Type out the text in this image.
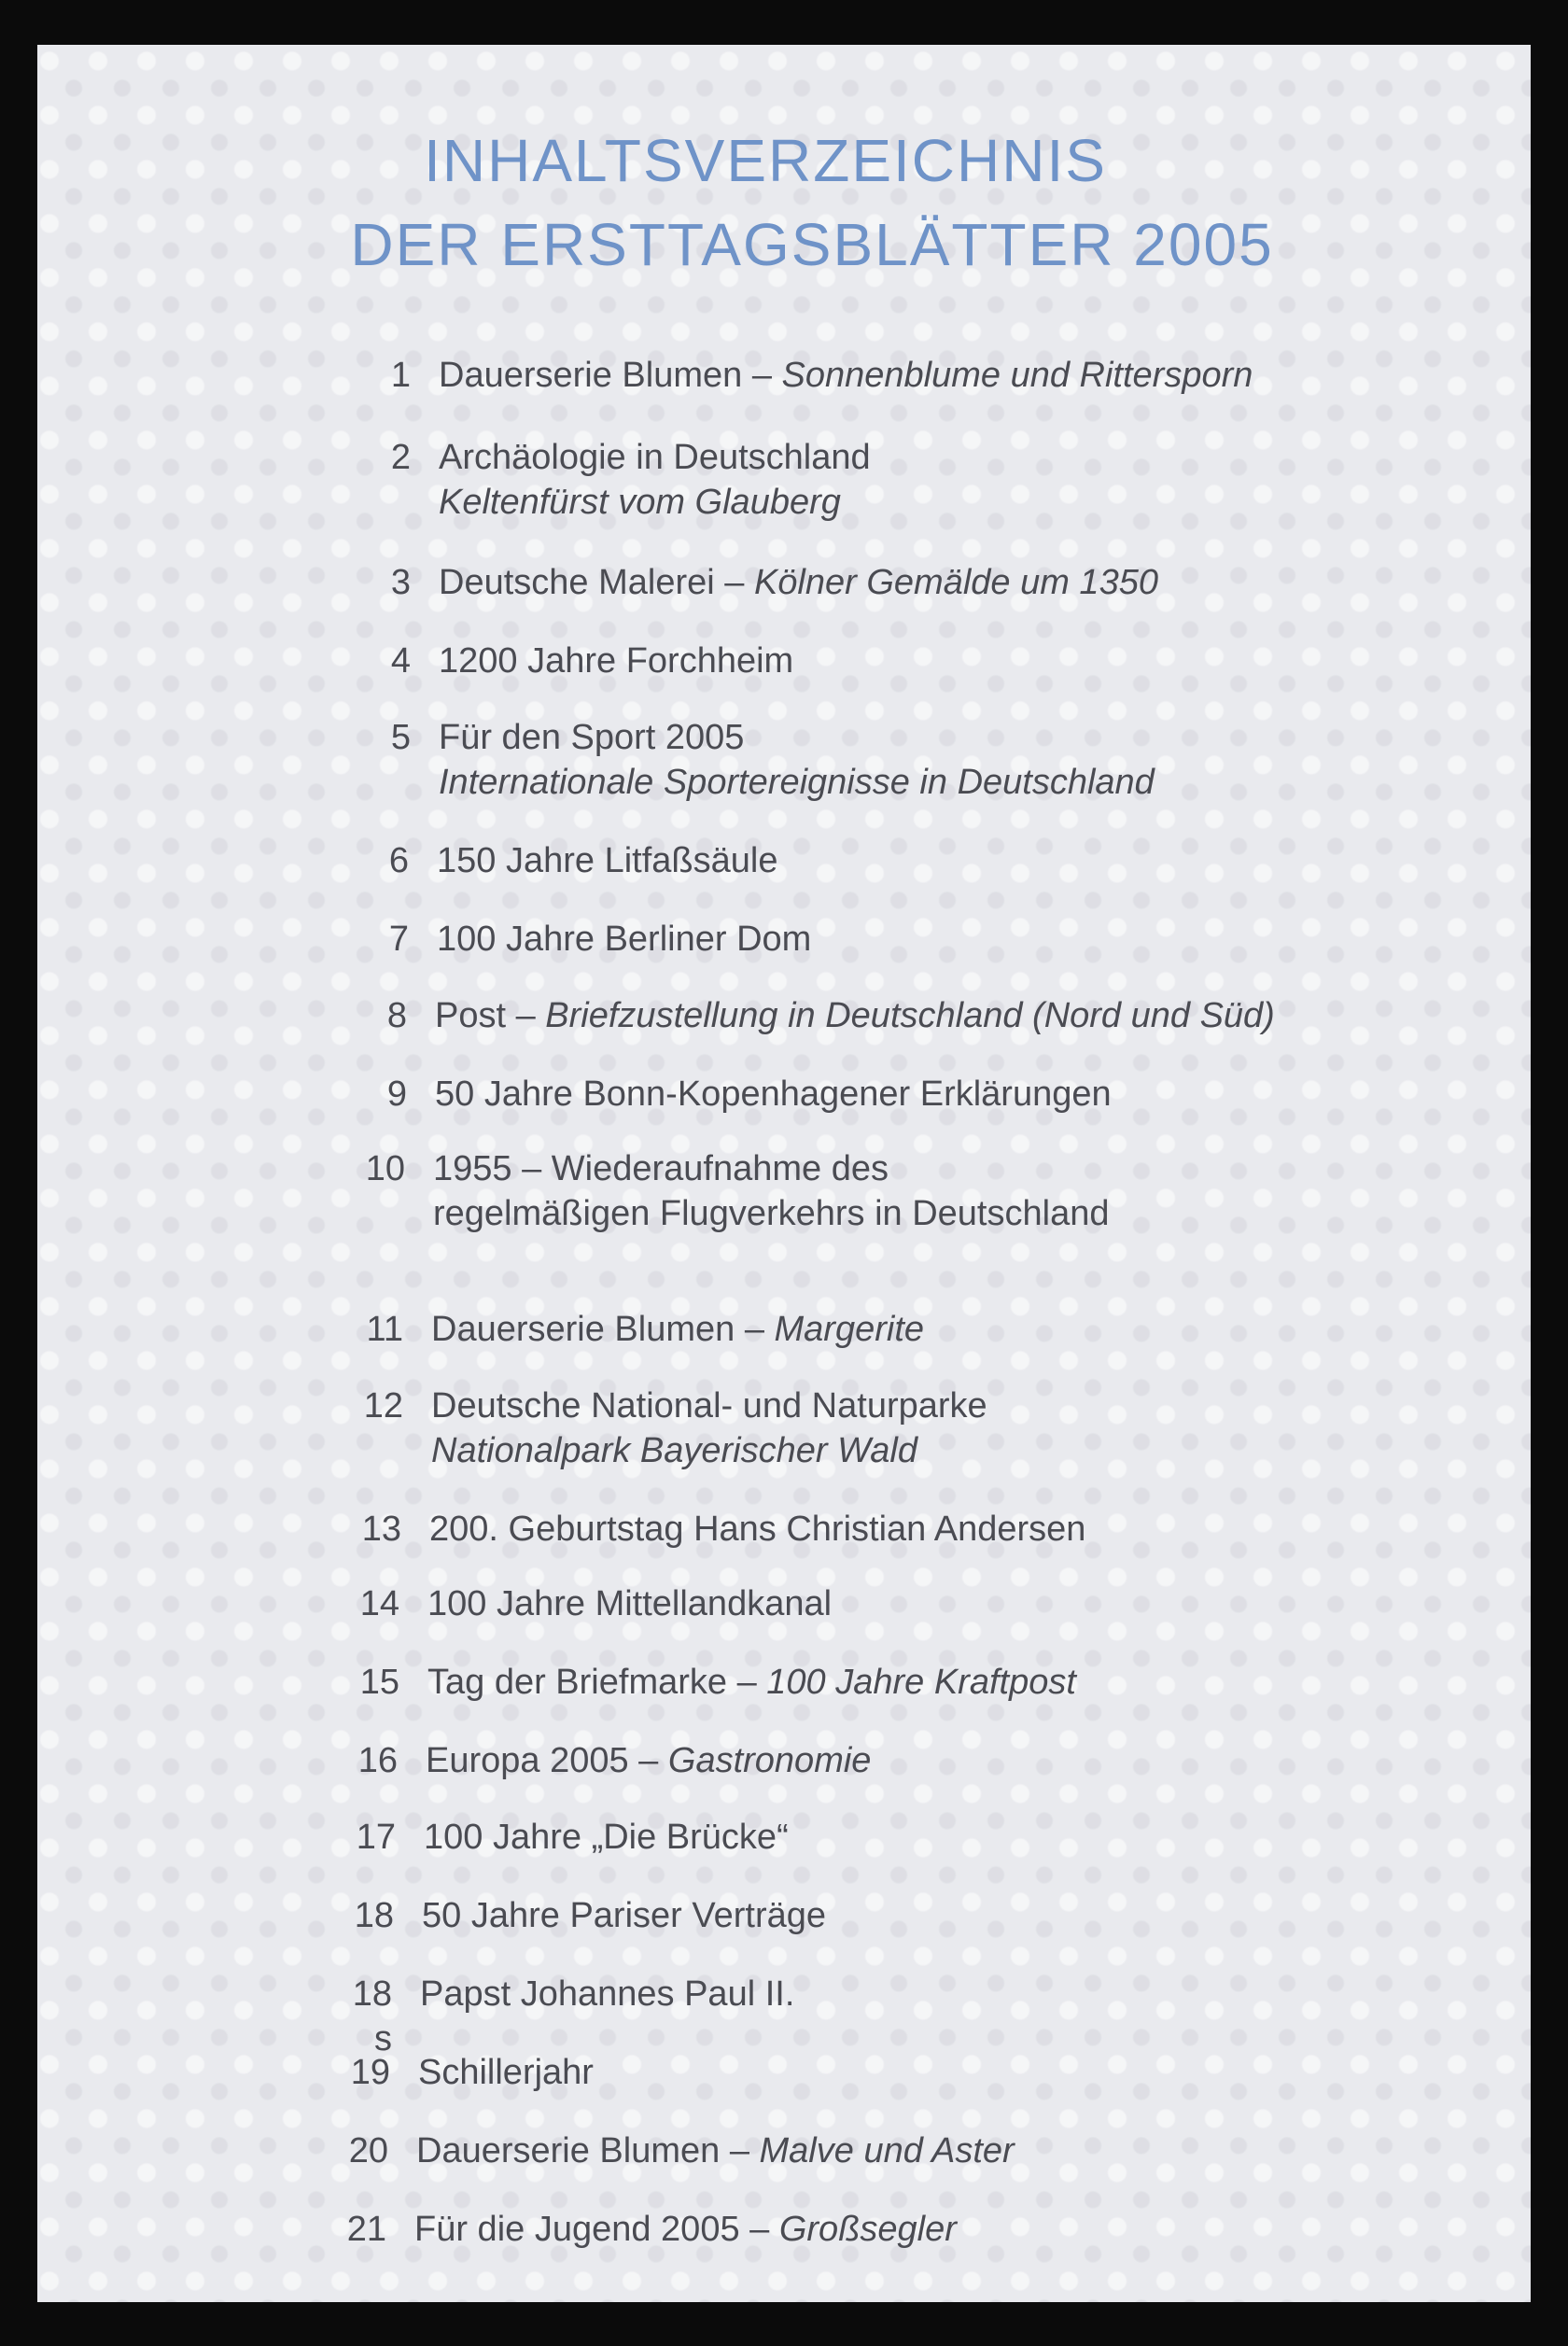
INHALTSVERZEICHNIS
DER ERSTTAGSBLÄTTER 2005
1 Dauerserie Blumen – Sonnenblume und Rittersporn
2 Archäologie in Deutschland
Keltenfürst vom Glauberg
3 Deutsche Malerei – Kölner Gemälde um 1350
4 1200 Jahre Forchheim
5 Für den Sport 2005
Internationale Sportereignisse in Deutschland
6 150 Jahre Litfaßsäule
7 100 Jahre Berliner Dom
8 Post – Briefzustellung in Deutschland (Nord und Süd)
9 50 Jahre Bonn-Kopenhagener Erklärungen
10 1955 – Wiederaufnahme des
regelmäßigen Flugverkehrs in Deutschland
11 Dauerserie Blumen – Margerite
12 Deutsche National- und Naturparke
Nationalpark Bayerischer Wald
13 200. Geburtstag Hans Christian Andersen
14 100 Jahre Mittellandkanal
15 Tag der Briefmarke – 100 Jahre Kraftpost
16 Europa 2005 – Gastronomie
17 100 Jahre „Die Brücke“
18 50 Jahre Pariser Verträge
18 s
Papst Johannes Paul II.
19 Schillerjahr
20 Dauerserie Blumen – Malve und Aster
21 Für die Jugend 2005 – Großsegler
